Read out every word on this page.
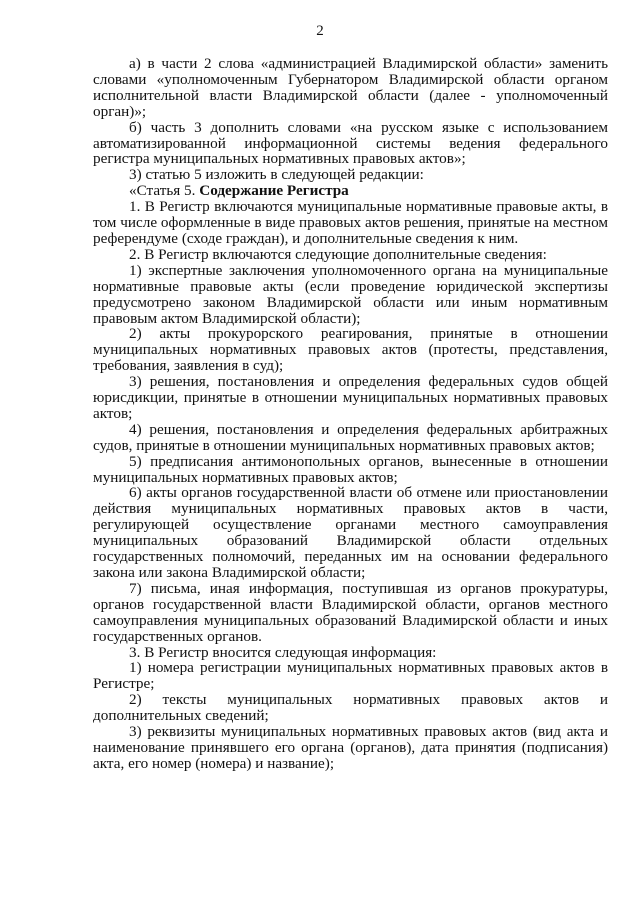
2

а) в части 2 слова «администрацией Владимирской области» заменить словами «уполномоченным Губернатором Владимирской области органом исполнительной власти Владимирской области (далее - уполномоченный орган)»;

б) часть 3 дополнить словами «на русском языке с использованием автоматизированной информационной системы ведения федерального регистра муниципальных нормативных правовых актов»;

3) статью 5 изложить в следующей редакции:

«Статья 5. Содержание Регистра

1. В Регистр включаются муниципальные нормативные правовые акты, в том числе оформленные в виде правовых актов решения, принятые на местном референдуме (сходе граждан), и дополнительные сведения к ним.

2. В Регистр включаются следующие дополнительные сведения:

1) экспертные заключения уполномоченного органа на муниципальные нормативные правовые акты (если проведение юридической экспертизы предусмотрено законом Владимирской области или иным нормативным правовым актом Владимирской области);

2) акты прокурорского реагирования, принятые в отношении муниципальных нормативных правовых актов (протесты, представления, требования, заявления в суд);

3) решения, постановления и определения федеральных судов общей юрисдикции, принятые в отношении муниципальных нормативных правовых актов;

4) решения, постановления и определения федеральных арбитражных судов, принятые в отношении муниципальных нормативных правовых актов;

5) предписания антимонопольных органов, вынесенные в отношении муниципальных нормативных правовых актов;

6) акты органов государственной власти об отмене или приостановлении действия муниципальных нормативных правовых актов в части, регулирующей осуществление органами местного самоуправления муниципальных образований Владимирской области отдельных государственных полномочий, переданных им на основании федерального закона или закона Владимирской области;

7) письма, иная информация, поступившая из органов прокуратуры, органов государственной власти Владимирской области, органов местного самоуправления муниципальных образований Владимирской области и иных государственных органов.

3. В Регистр вносится следующая информация:

1) номера регистрации муниципальных нормативных правовых актов в Регистре;

2) тексты муниципальных нормативных правовых актов и дополнительных сведений;

3) реквизиты муниципальных нормативных правовых актов (вид акта и наименование принявшего его органа (органов), дата принятия (подписания) акта, его номер (номера) и название);
